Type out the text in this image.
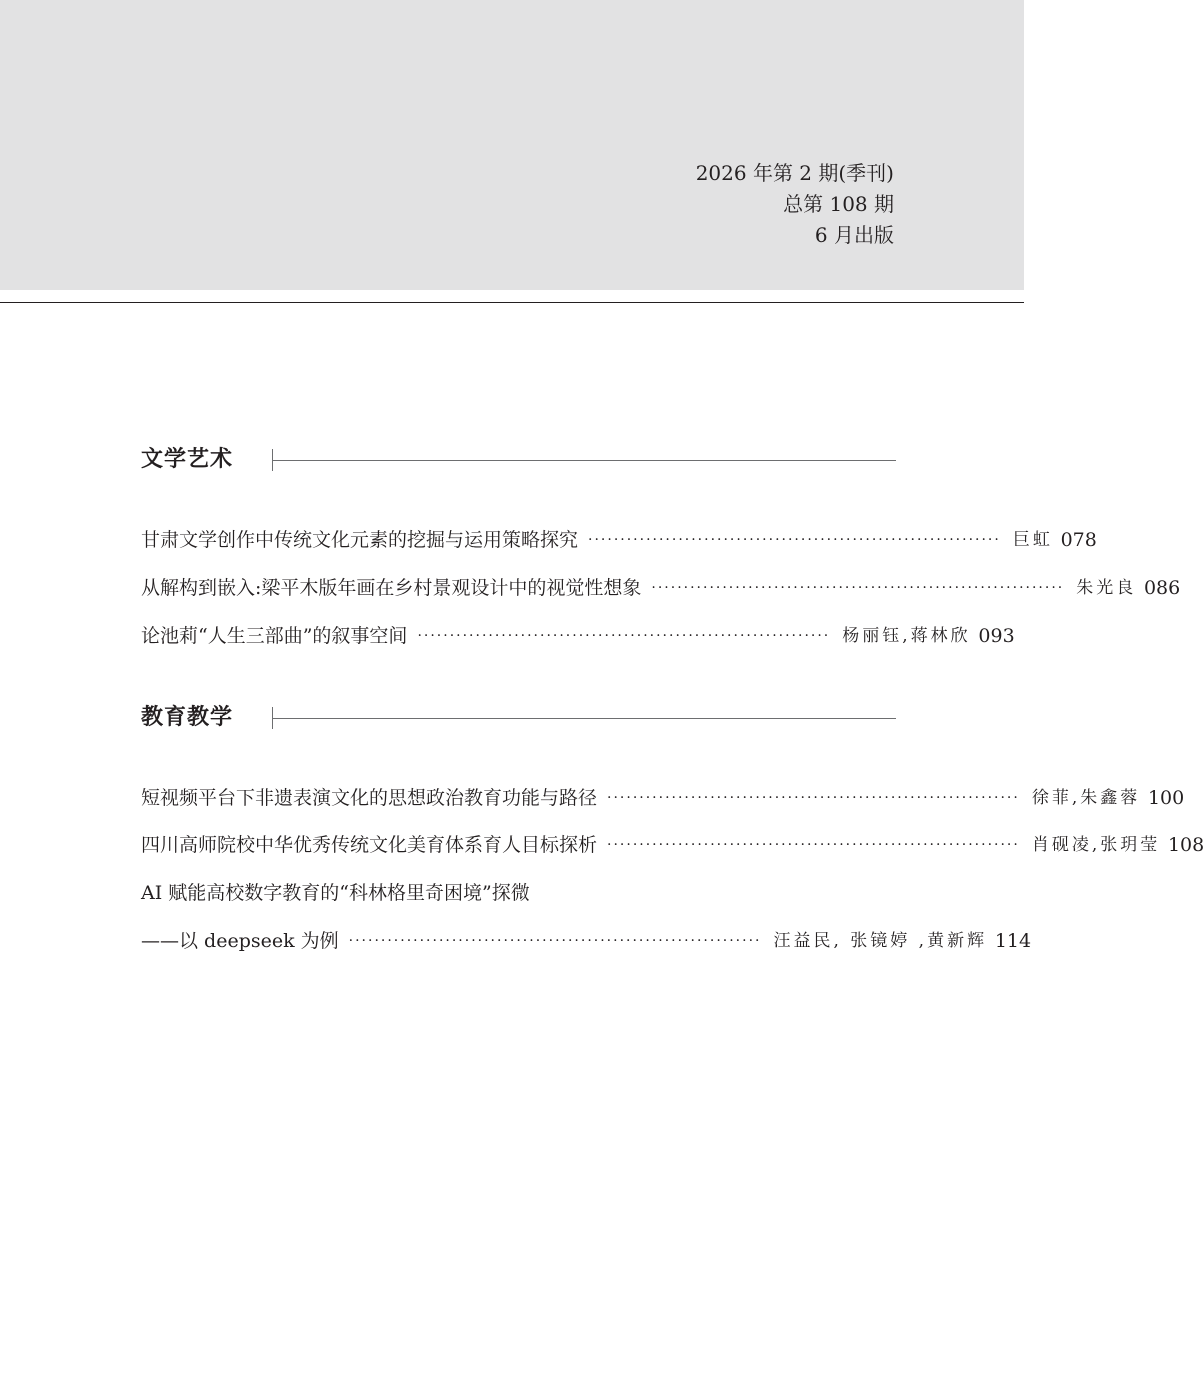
2026 年第 2 期(季刊)
总第 108 期
6 月出版
文学艺术
甘肃文学创作中传统文化元素的挖掘与运用策略探究 ································································ 巨虹 078
从解构到嵌入:梁平木版年画在乡村景观设计中的视觉性想象 ································································ 朱光良 086
论池莉“人生三部曲”的叙事空间 ································································ 杨丽钰,蒋林欣 093
教育教学
短视频平台下非遗表演文化的思想政治教育功能与路径 ································································ 徐菲,朱鑫蓉 100
四川高师院校中华优秀传统文化美育体系育人目标探析 ································································ 肖砚凌,张玥莹 108
AI 赋能高校数字教育的“科林格里奇困境”探微
——以 deepseek 为例 ································································ 汪益民, 张镜婷 ,黄新辉 114
